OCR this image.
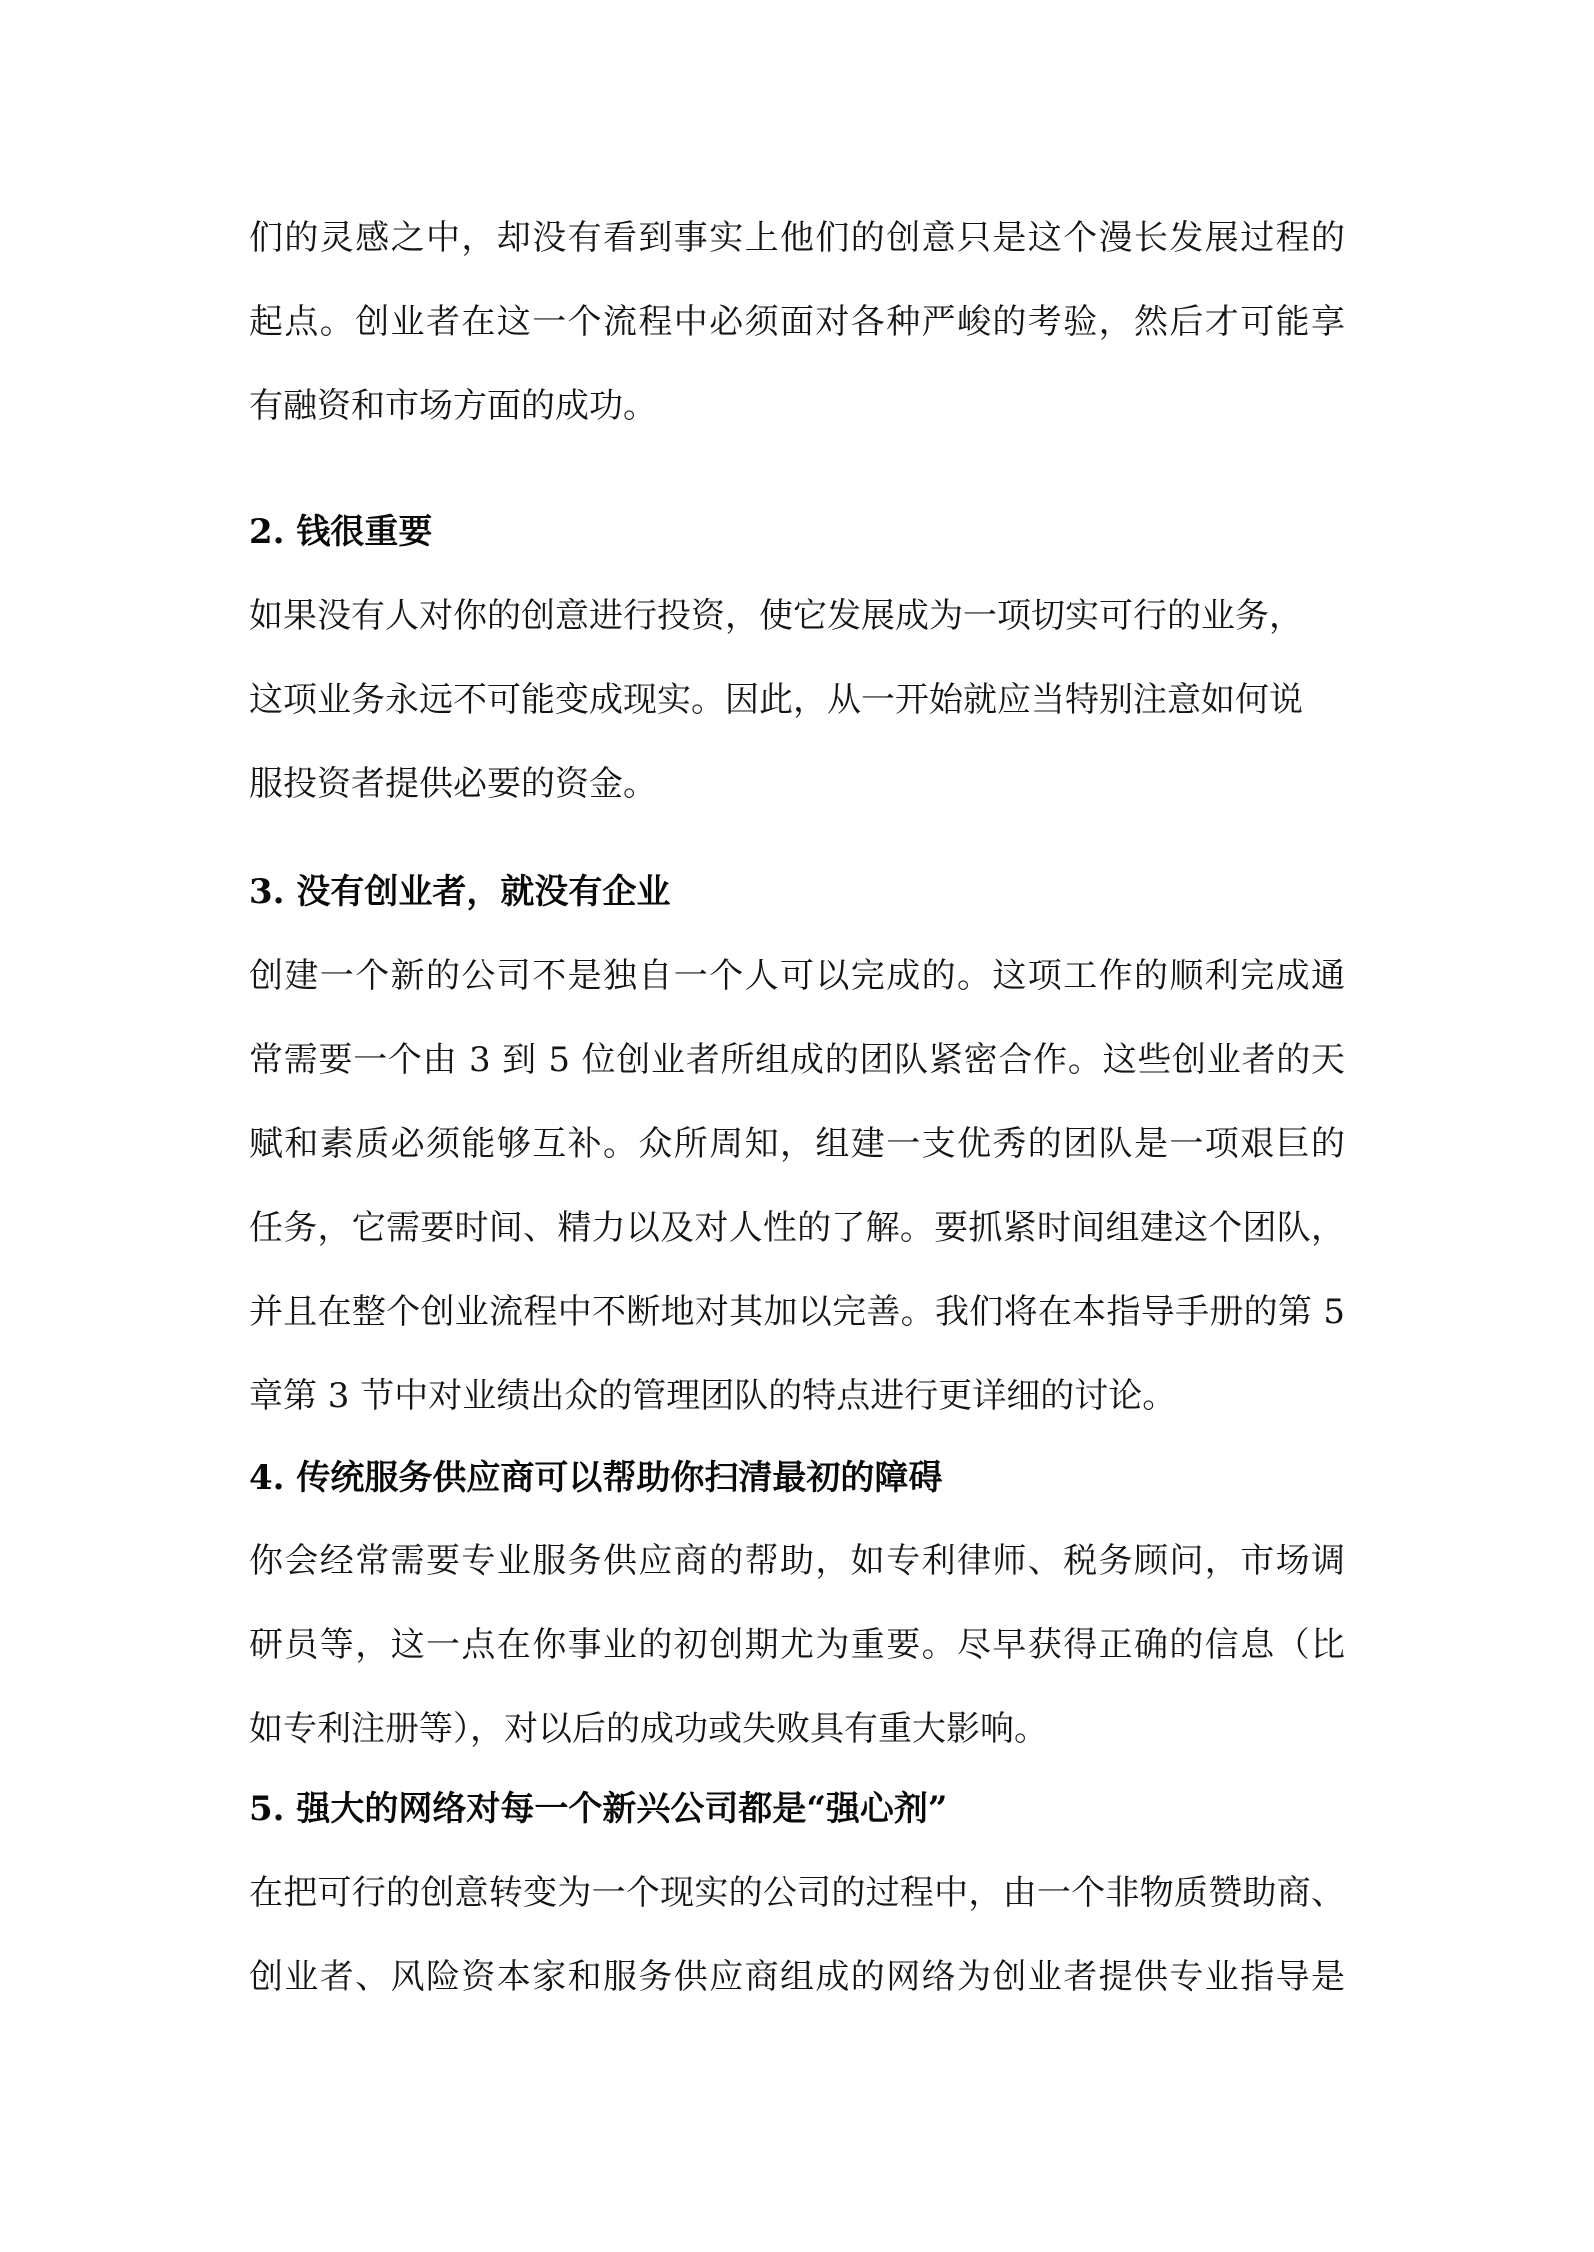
们的灵感之中，却没有看到事实上他们的创意只是这个漫长发展过程的

起点。创业者在这一个流程中必须面对各种严峻的考验，然后才可能享

有融资和市场方面的成功。

2. 钱很重要

如果没有人对你的创意进行投资，使它发展成为一项切实可行的业务，

这项业务永远不可能变成现实。因此，从一开始就应当特别注意如何说

服投资者提供必要的资金。

3. 没有创业者，就没有企业

创建一个新的公司不是独自一个人可以完成的。这项工作的顺利完成通

常需要一个由 3 到 5 位创业者所组成的团队紧密合作。这些创业者的天

赋和素质必须能够互补。众所周知，组建一支优秀的团队是一项艰巨的

任务，它需要时间、精力以及对人性的了解。要抓紧时间组建这个团队，

并且在整个创业流程中不断地对其加以完善。我们将在本指导手册的第 5

章第 3 节中对业绩出众的管理团队的特点进行更详细的讨论。

4. 传统服务供应商可以帮助你扫清最初的障碍

你会经常需要专业服务供应商的帮助，如专利律师、税务顾问，市场调

研员等，这一点在你事业的初创期尤为重要。尽早获得正确的信息（比

如专利注册等），对以后的成功或失败具有重大影响。

5. 强大的网络对每一个新兴公司都是“强心剂”

在把可行的创意转变为一个现实的公司的过程中，由一个非物质赞助商、

创业者、风险资本家和服务供应商组成的网络为创业者提供专业指导是
